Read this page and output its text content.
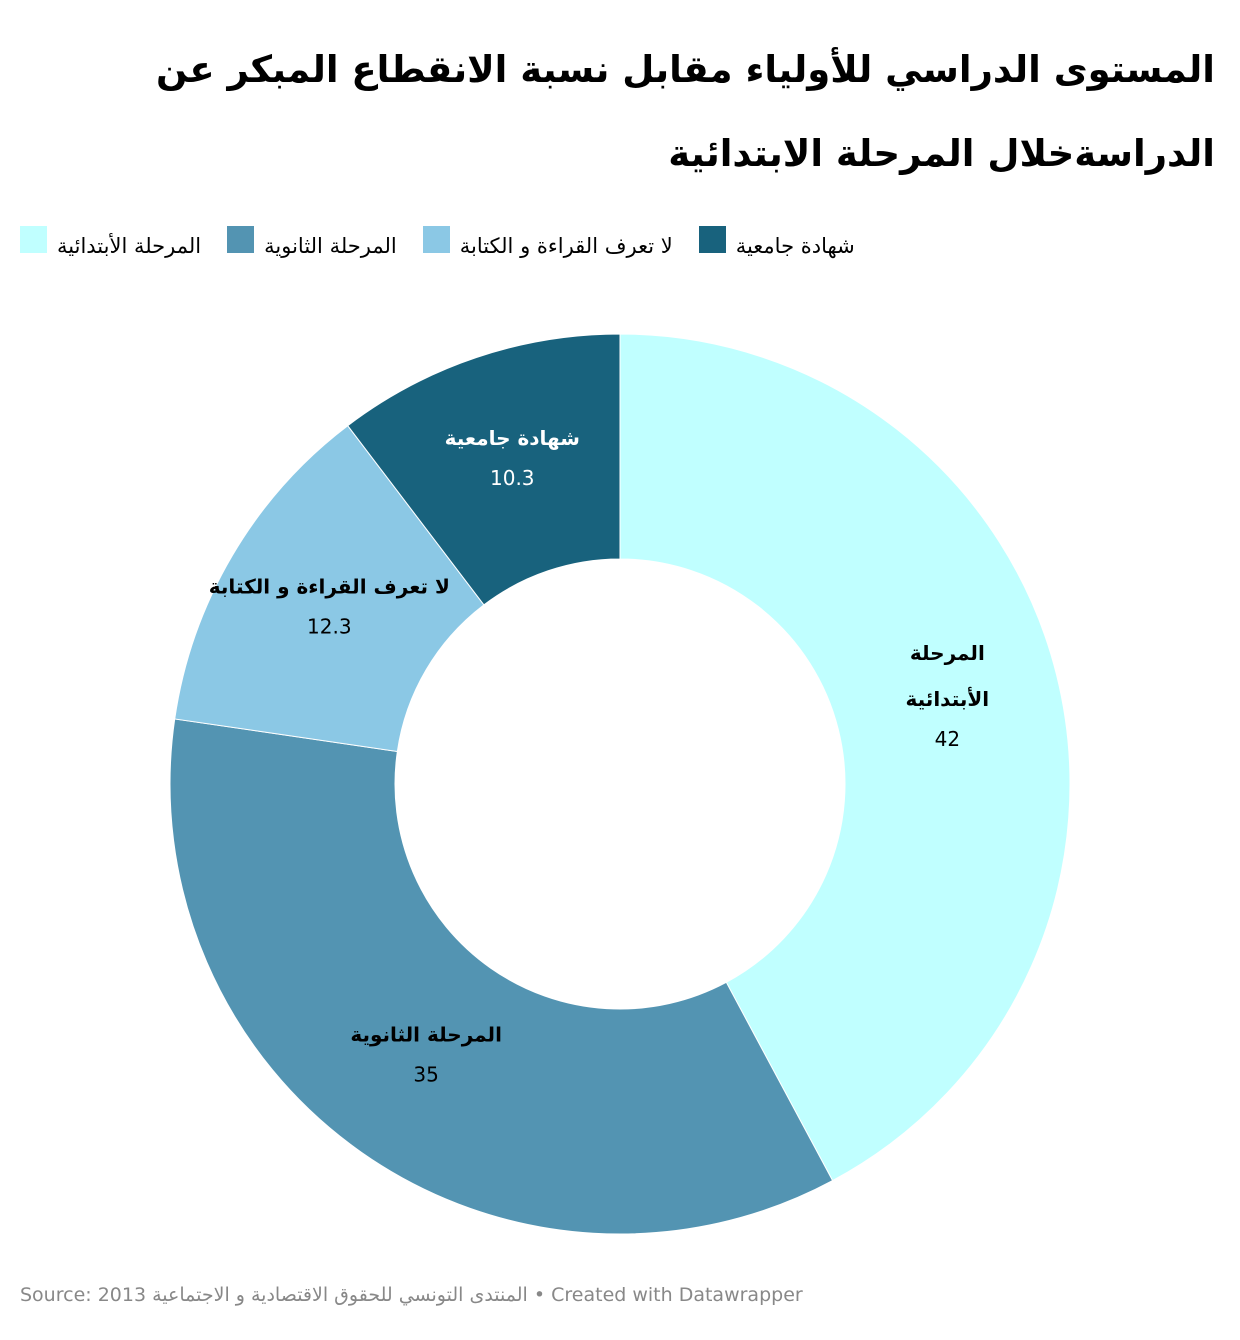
المستوى الدراسي للأولياء مقابل نسبة الانقطاع المبكر عن الدراسةخلال المرحلة الابتدائية
المرحلة الأبتدائية	المرحلة الثانوية	لا تعرف القراءة و الكتابة	شهادة جامعية
المرحلة
الأبتدائية
42
المرحلة الثانوية
35
لا تعرف القراءة و الكتابة
12.3
شهادة جامعية
10.3
Source: 2013 المنتدى التونسي للحقوق الاقتصادية و الاجتماعية • Created with Datawrapper
